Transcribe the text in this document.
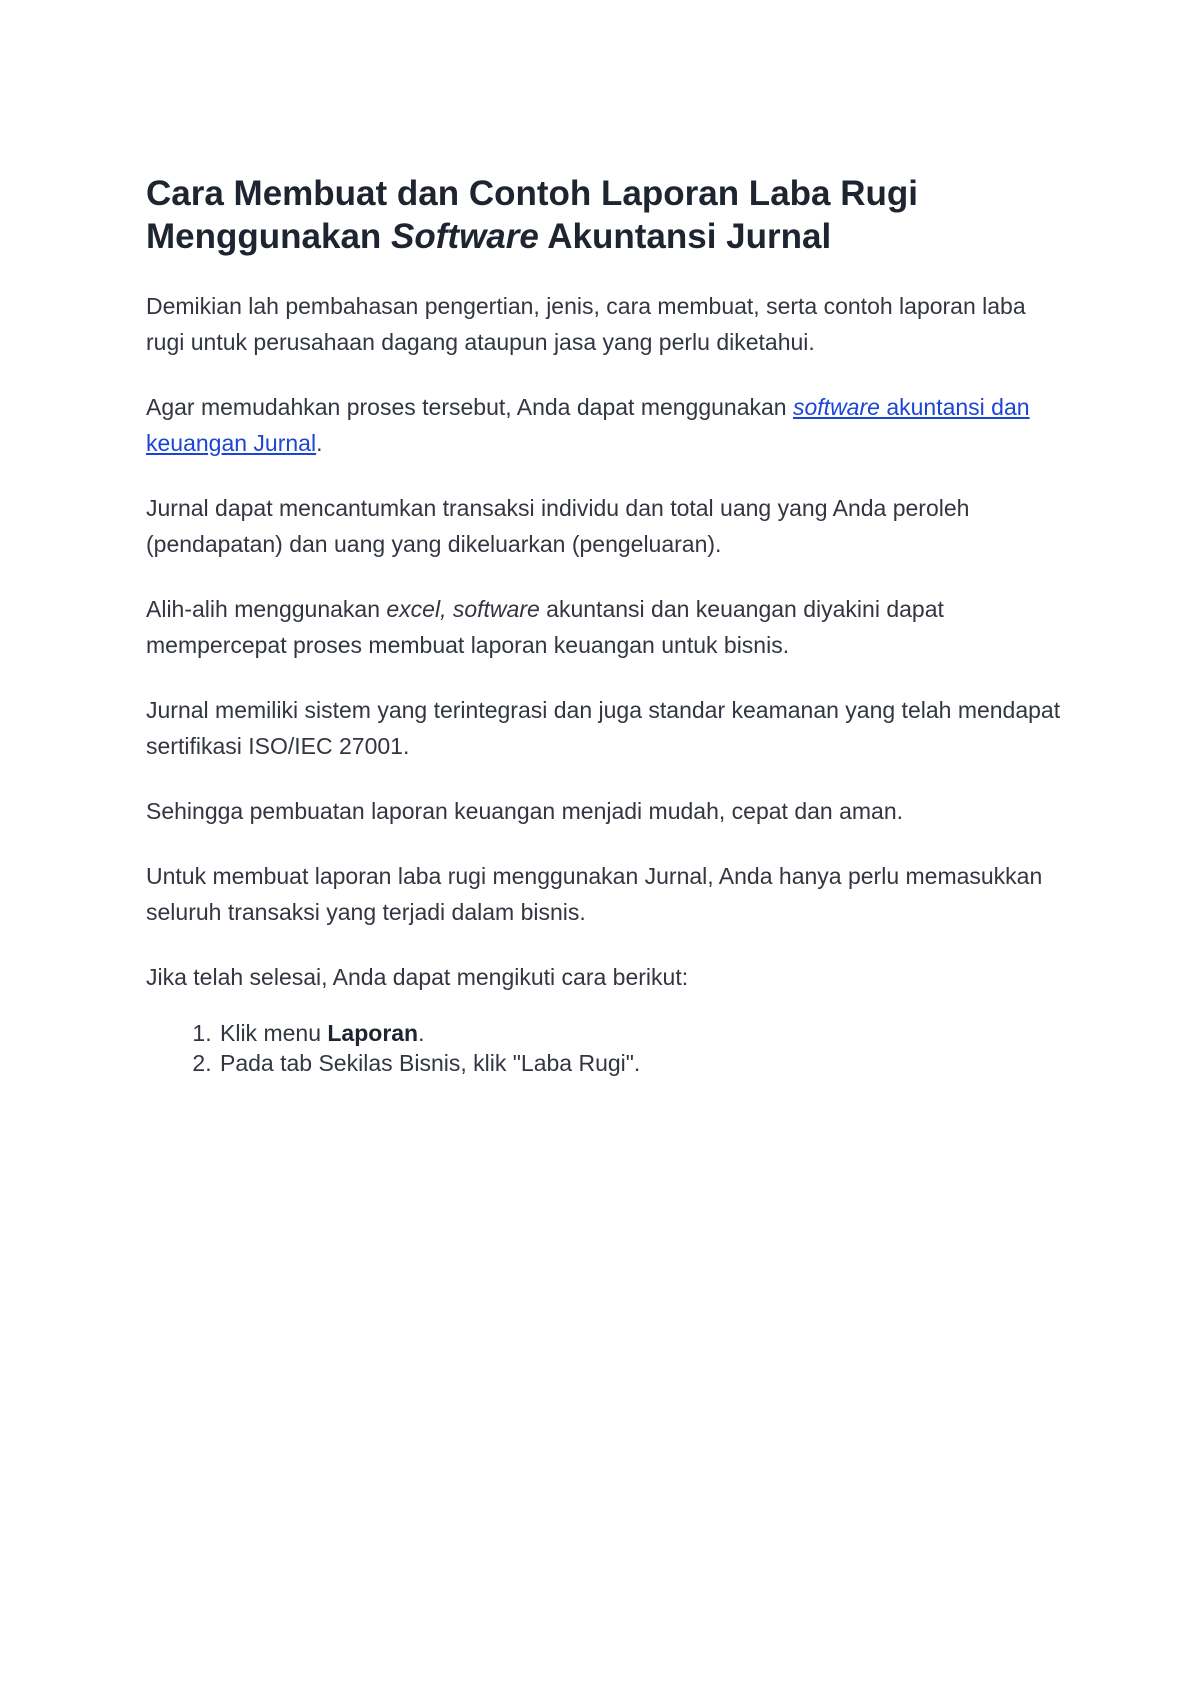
Cara Membuat dan Contoh Laporan Laba Rugi Menggunakan Software Akuntansi Jurnal

Demikian lah pembahasan pengertian, jenis, cara membuat, serta contoh laporan laba rugi untuk perusahaan dagang ataupun jasa yang perlu diketahui.

Agar memudahkan proses tersebut, Anda dapat menggunakan software akuntansi dan keuangan Jurnal.

Jurnal dapat mencantumkan transaksi individu dan total uang yang Anda peroleh (pendapatan) dan uang yang dikeluarkan (pengeluaran).

Alih-alih menggunakan excel, software akuntansi dan keuangan diyakini dapat mempercepat proses membuat laporan keuangan untuk bisnis.

Jurnal memiliki sistem yang terintegrasi dan juga standar keamanan yang telah mendapat sertifikasi ISO/IEC 27001.

Sehingga pembuatan laporan keuangan menjadi mudah, cepat dan aman.

Untuk membuat laporan laba rugi menggunakan Jurnal, Anda hanya perlu memasukkan seluruh transaksi yang terjadi dalam bisnis.

Jika telah selesai, Anda dapat mengikuti cara berikut:

1. Klik menu Laporan.
2. Pada tab Sekilas Bisnis, klik "Laba Rugi".
